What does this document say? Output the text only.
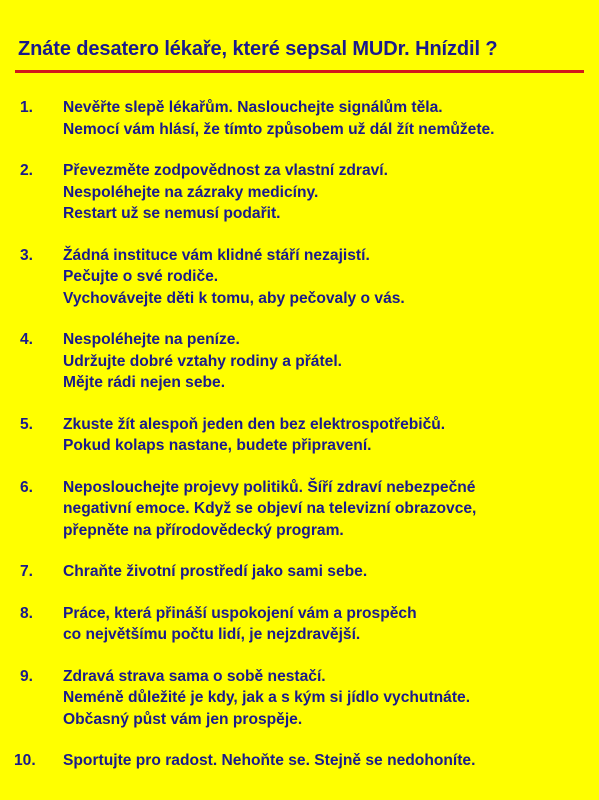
Znáte desatero lékaře, které sepsal MUDr. Hnízdil ?
1.	Nevěřte slepě lékařům. Naslouchejte signálům těla.
Nemocí vám hlásí, že tímto způsobem už dál žít nemůžete.
2.	Převezměte zodpovědnost za vlastní zdraví.
Nespoléhejte na zázraky medicíny.
Restart už se nemusí podařit.
3.	Žádná instituce vám klidné stáří nezajistí.
Pečujte o své rodiče.
Vychovávejte děti k tomu, aby pečovaly o vás.
4.	Nespoléhejte na peníze.
Udržujte dobré vztahy rodiny a přátel.
Mějte rádi nejen sebe.
5.	Zkuste žít alespoň jeden den bez elektrospotřebičů.
Pokud kolaps nastane, budete připravení.
6.	Neposlouchejte projevy politiků. Šíří zdraví nebezpečné
negativní emoce. Když se objeví na televizní obrazovce,
přepněte na přírodovědecký program.
7.	Chraňte životní prostředí jako sami sebe.
8.	Práce, která přináší uspokojení vám a prospěch
co největšímu počtu lidí, je nejzdravější.
9.	Zdravá strava sama o sobě nestačí.
Neméně důležité je kdy, jak a s kým si jídlo vychutnáte.
Občasný půst vám jen prospěje.
10.	Sportujte pro radost. Nehoňte se. Stejně se nedohoníte.
